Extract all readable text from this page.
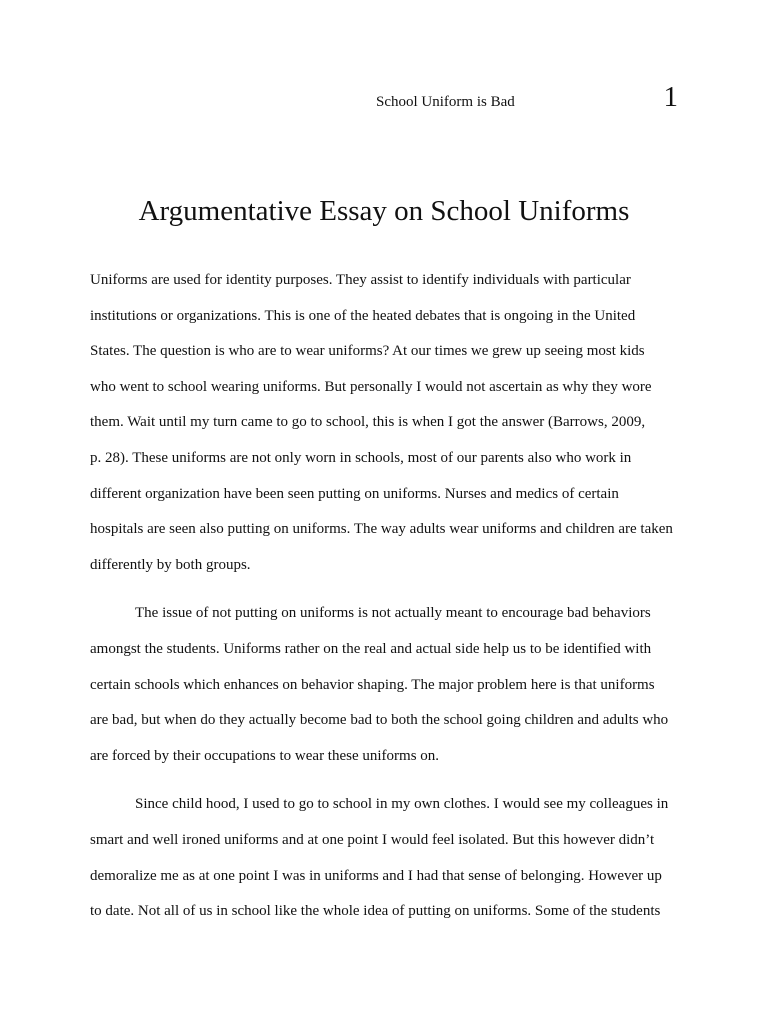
School Uniform is Bad	1
Argumentative Essay on School Uniforms

Uniforms are used for identity purposes. They assist to identify individuals with particular
institutions or organizations. This is one of the heated debates that is ongoing in the United
States. The question is who are to wear uniforms? At our times we grew up seeing most kids
who went to school wearing uniforms. But personally I would not ascertain as why they wore
them. Wait until my turn came to go to school, this is when I got the answer (Barrows, 2009,
p. 28). These uniforms are not only worn in schools, most of our parents also who work in
different organization have been seen putting on uniforms. Nurses and medics of certain
hospitals are seen also putting on uniforms. The way adults wear uniforms and children are taken
differently by both groups.

The issue of not putting on uniforms is not actually meant to encourage bad behaviors
amongst the students. Uniforms rather on the real and actual side help us to be identified with
certain schools which enhances on behavior shaping. The major problem here is that uniforms
are bad, but when do they actually become bad to both the school going children and adults who
are forced by their occupations to wear these uniforms on.

Since child hood, I used to go to school in my own clothes. I would see my colleagues in
smart and well ironed uniforms and at one point I would feel isolated. But this however didn’t
demoralize me as at one point I was in uniforms and I had that sense of belonging. However up
to date. Not all of us in school like the whole idea of putting on uniforms. Some of the students
